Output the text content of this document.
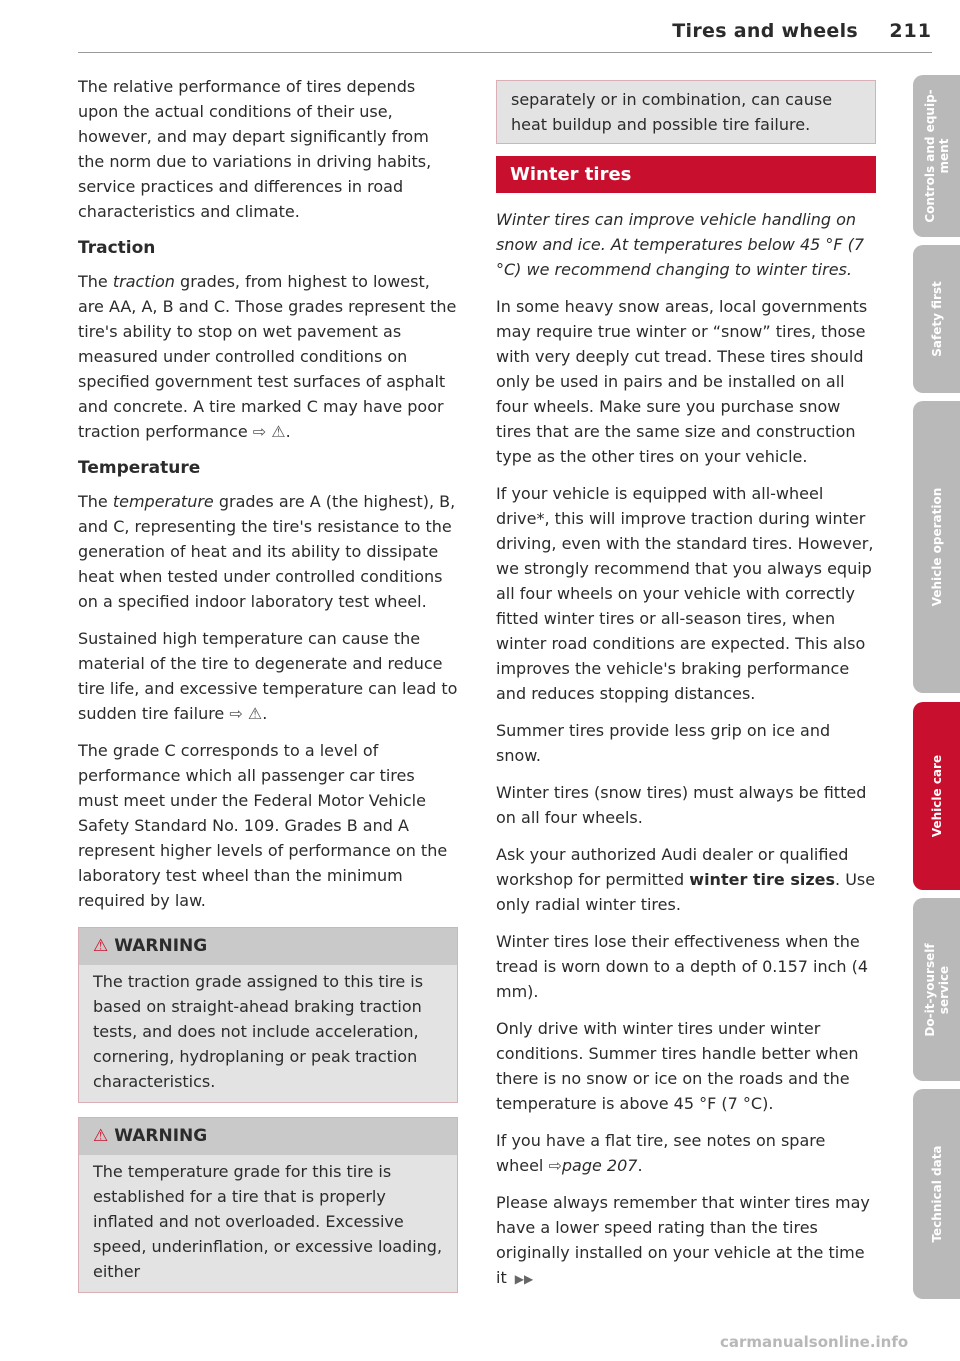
Tires and wheels 211

The relative performance of tires depends upon the actual conditions of their use, however, and may depart significantly from the norm due to variations in driving habits, service practices and differences in road characteristics and climate.

Traction

The traction grades, from highest to lowest, are AA, A, B and C. Those grades represent the tire's ability to stop on wet pavement as measured under controlled conditions on specified government test surfaces of asphalt and concrete. A tire marked C may have poor traction performance ⇨ ⚠.

Temperature

The temperature grades are A (the highest), B, and C, representing the tire's resistance to the generation of heat and its ability to dissipate heat when tested under controlled conditions on a specified indoor laboratory test wheel.

Sustained high temperature can cause the material of the tire to degenerate and reduce tire life, and excessive temperature can lead to sudden tire failure ⇨ ⚠.

The grade C corresponds to a level of performance which all passenger car tires must meet under the Federal Motor Vehicle Safety Standard No. 109. Grades B and A represent higher levels of performance on the laboratory test wheel than the minimum required by law.

⚠ WARNING
The traction grade assigned to this tire is based on straight-ahead braking traction tests, and does not include acceleration, cornering, hydroplaning or peak traction characteristics.
⚠ WARNING
The temperature grade for this tire is established for a tire that is properly inflated and not overloaded. Excessive speed, underinflation, or excessive loading, either
separately or in combination, can cause heat buildup and possible tire failure.
Winter tires

Winter tires can improve vehicle handling on snow and ice. At temperatures below 45 °F (7 °C) we recommend changing to winter tires.

In some heavy snow areas, local governments may require true winter or “snow” tires, those with very deeply cut tread. These tires should only be used in pairs and be installed on all four wheels. Make sure you purchase snow tires that are the same size and construction type as the other tires on your vehicle.

If your vehicle is equipped with all-wheel drive*, this will improve traction during winter driving, even with the standard tires. However, we strongly recommend that you always equip all four wheels on your vehicle with correctly fitted winter tires or all-season tires, when winter road conditions are expected. This also improves the vehicle's braking performance and reduces stopping distances.

Summer tires provide less grip on ice and snow.

Winter tires (snow tires) must always be fitted on all four wheels.

Ask your authorized Audi dealer or qualified workshop for permitted winter tire sizes. Use only radial winter tires.

Winter tires lose their effectiveness when the tread is worn down to a depth of 0.157 inch (4 mm).

Only drive with winter tires under winter conditions. Summer tires handle better when there is no snow or ice on the roads and the temperature is above 45 °F (7 °C).

If you have a flat tire, see notes on spare wheel ⇨page 207.

Please always remember that winter tires may have a lower speed rating than the tires originally installed on your vehicle at the time it ▶▶

Controls and equip-
ment
Safety first
Vehicle operation
Vehicle care
Do-it-yourself
service
Technical data
carmanualsonline.info
